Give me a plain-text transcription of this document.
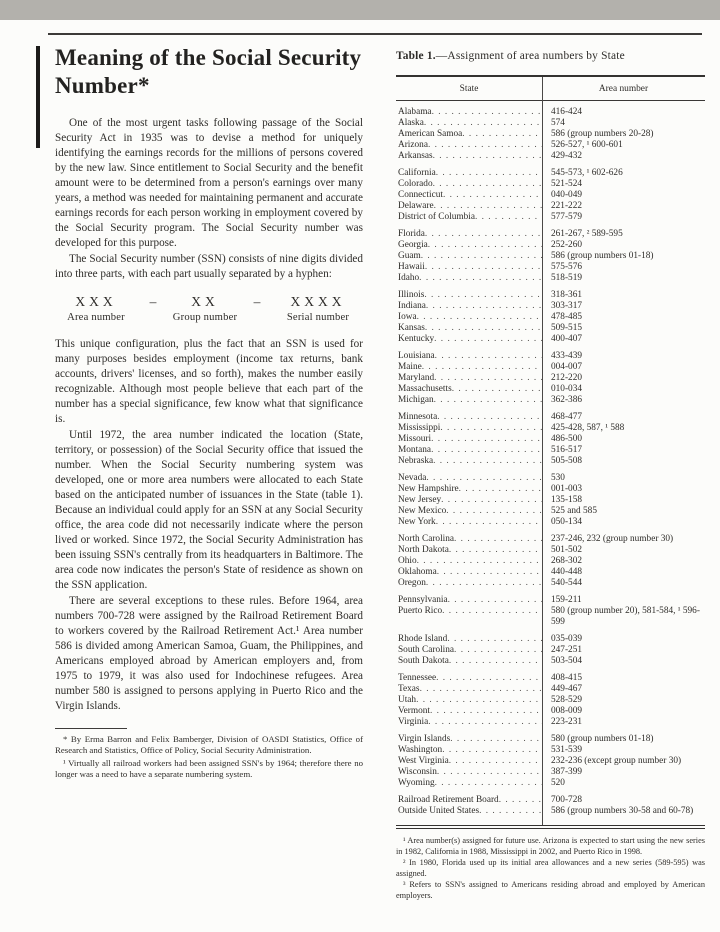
Meaning of the Social Security Number*

One of the most urgent tasks following passage of the Social Security Act in 1935 was to devise a method for uniquely identifying the earnings records for the millions of persons covered by the new law. Since entitlement to Social Security and the benefit amount were to be determined from a person's earnings over many years, a method was needed for maintaining permanent and accurate earnings records for each person working in employment covered by the Social Security program. The Social Security number was developed for this purpose.

The Social Security number (SSN) consists of nine digits divided into three parts, with each part usually separated by a hyphen:

XXX	–	XX	–	XXXX
Area number	Group number	Serial number

This unique configuration, plus the fact that an SSN is used for many purposes besides employment (income tax returns, bank accounts, drivers' licenses, and so forth), makes the number easily recognizable. Although most people believe that each part of the number has a special significance, few know what that significance is.

Until 1972, the area number indicated the location (State, territory, or possession) of the Social Security office that issued the number. When the Social Security numbering system was developed, one or more area numbers were allocated to each State based on the anticipated number of issuances in the State (table 1). Because an individual could apply for an SSN at any Social Security office, the area code did not necessarily indicate where the person lived or worked. Since 1972, the Social Security Administration has been issuing SSN's centrally from its headquarters in Baltimore. The area code now indicates the person's State of residence as shown on the SSN application.

There are several exceptions to these rules. Before 1964, area numbers 700-728 were assigned by the Railroad Retirement Board to workers covered by the Railroad Retirement Act.¹ Area number 586 is divided among American Samoa, Guam, the Philippines, and Americans employed abroad by American employers and, from 1975 to 1979, it was also used for Indochinese refugees. Area number 580 is assigned to persons applying in Puerto Rico and the Virgin Islands.

* By Erma Barron and Felix Bamberger, Division of OASDI Statistics, Office of Research and Statistics, Office of Policy, Social Security Administration.

¹ Virtually all railroad workers had been assigned SSN's by 1964; therefore there no longer was a need to have a separate numbering system.

Table 1.—Assignment of area numbers by State

State	Area number
Alabama . . .	416-424
Alaska . . .	574
American Samoa . . .	586 (group numbers 20-28)
Arizona . . .	526-527, ¹ 600-601
Arkansas . . .	429-432
California . . .	545-573, ¹ 602-626
Colorado . . .	521-524
Connecticut . . .	040-049
Delaware . . .	221-222
District of Columbia . . .	577-579
Florida . . .	261-267, ² 589-595
Georgia . . .	252-260
Guam . . .	586 (group numbers 01-18)
Hawaii . . .	575-576
Idaho . . .	518-519
Illinois . . .	318-361
Indiana . . .	303-317
Iowa . . .	478-485
Kansas . . .	509-515
Kentucky . . .	400-407
Louisiana . . .	433-439
Maine . . .	004-007
Maryland . . .	212-220
Massachusetts . . .	010-034
Michigan . . .	362-386
Minnesota . . .	468-477
Mississippi . . .	425-428, 587, ¹ 588
Missouri . . .	486-500
Montana . . .	516-517
Nebraska . . .	505-508
Nevada . . .	530
New Hampshire . . .	001-003
New Jersey . . .	135-158
New Mexico . . .	525 and 585
New York . . .	050-134
North Carolina . . .	237-246, 232 (group number 30)
North Dakota . . .	501-502
Ohio . . .	268-302
Oklahoma . . .	440-448
Oregon . . .	540-544
Pennsylvania . . .	159-211
Puerto Rico . . .	580 (group number 20), 581-584, ¹ 596-599
Rhode Island . . .	035-039
South Carolina . . .	247-251
South Dakota . . .	503-504
Tennessee . . .	408-415
Texas . . .	449-467
Utah . . .	528-529
Vermont . . .	008-009
Virginia . . .	223-231
Virgin Islands . . .	580 (group numbers 01-18)
Washington . . .	531-539
West Virginia . . .	232-236 (except group number 30)
Wisconsin . . .	387-399
Wyoming . . .	520
Railroad Retirement Board . . .	700-728
Outside United States . . .	586 (group numbers 30-58 and 60-78)

¹ Area number(s) assigned for future use. Arizona is expected to start using the new series in 1982, California in 1988, Mississippi in 2002, and Puerto Rico in 1998.

² In 1980, Florida used up its initial area allowances and a new series (589-595) was assigned.

³ Refers to SSN's assigned to Americans residing abroad and employed by American employers.
